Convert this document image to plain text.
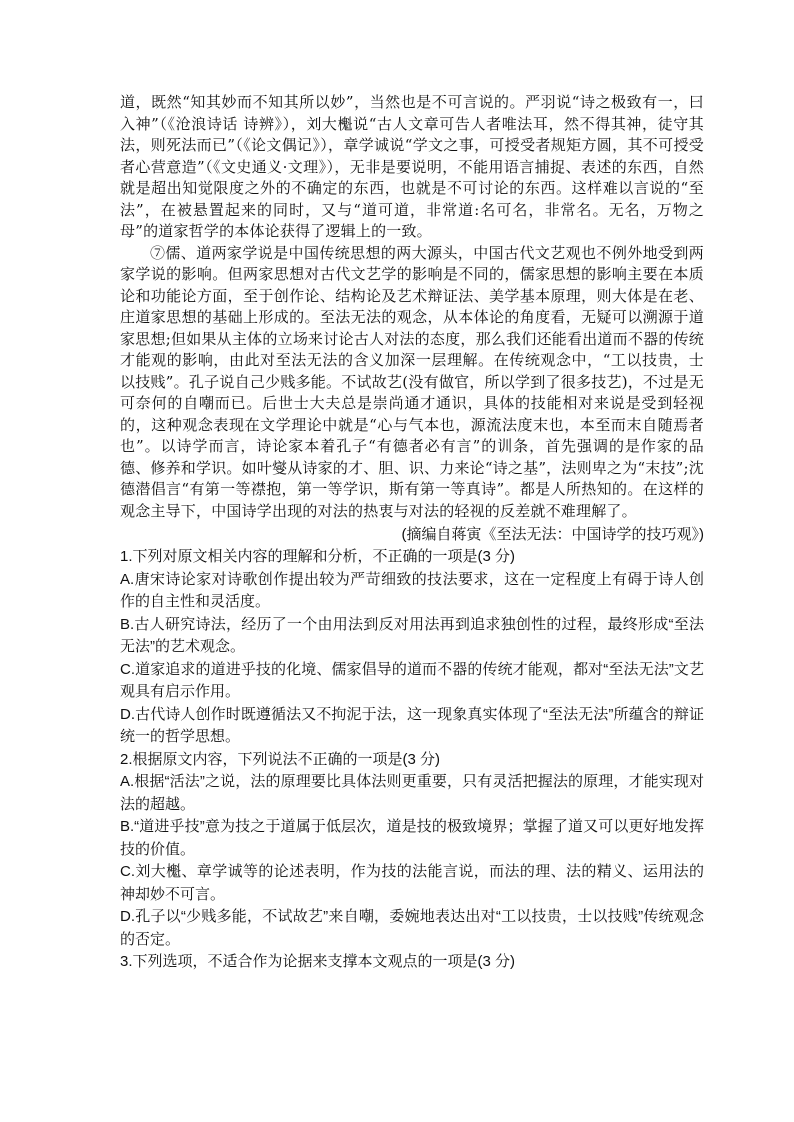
道，既然“知其妙而不知其所以妙”，当然也是不可言说的。严羽说“诗之极致有一，曰入神”（《沧浪诗话 诗辨》），刘大櫆说“古人文章可告人者唯法耳，然不得其神，徒守其法，则死法而已”（《论文偶记》），章学诚说“学文之事，可授受者规矩方圆，其不可授受者心营意造”（《文史通义·文理》），无非是要说明，不能用语言捕捉、表述的东西，自然就是超出知觉限度之外的不确定的东西，也就是不可讨论的东西。这样难以言说的“至法”，在被悬置起来的同时，又与“道可道，非常道:名可名，非常名。无名，万物之母”的道家哲学的本体论获得了逻辑上的一致。

⑦儒、道两家学说是中国传统思想的两大源头，中国古代文艺观也不例外地受到两家学说的影响。但两家思想对古代文艺学的影响是不同的，儒家思想的影响主要在本质论和功能论方面，至于创作论、结构论及艺术辩证法、美学基本原理，则大体是在老、庄道家思想的基础上形成的。至法无法的观念，从本体论的角度看，无疑可以溯源于道家思想;但如果从主体的立场来讨论古人对法的态度，那么我们还能看出道而不器的传统才能观的影响，由此对至法无法的含义加深一层理解。在传统观念中，“工以技贵，士以技贱”。孔子说自己少贱多能。不试故艺(没有做官，所以学到了很多技艺)，不过是无可奈何的自嘲而已。后世士大夫总是崇尚通才通识，具体的技能相对来说是受到轻视的，这种观念表现在文学理论中就是“心与气本也，源流法度末也，本至而末自随焉者也”。以诗学而言，诗论家本着孔子“有德者必有言”的训条，首先强调的是作家的品德、修养和学识。如叶燮从诗家的才、胆、识、力来论“诗之基”，法则卑之为“末技”;沈德潜倡言“有第一等襟抱，第一等学识，斯有第一等真诗”。都是人所热知的。在这样的观念主导下，中国诗学出现的对法的热衷与对法的轻视的反差就不难理解了。

(摘编自蒋寅《至法无法：中国诗学的技巧观》)

1.下列对原文相关内容的理解和分析，不正确的一项是(3 分)

A.唐宋诗论家对诗歌创作提出较为严苛细致的技法要求，这在一定程度上有碍于诗人创作的自主性和灵活度。

B.古人研究诗法，经历了一个由用法到反对用法再到追求独创性的过程，最终形成“至法无法”的艺术观念。

C.道家追求的道进乎技的化境、儒家倡导的道而不器的传统才能观，都对“至法无法”文艺观具有启示作用。

D.古代诗人创作时既遵循法又不拘泥于法，这一现象真实体现了“至法无法”所蕴含的辩证统一的哲学思想。

2.根据原文内容，下列说法不正确的一项是(3 分)

A.根据“活法”之说，法的原理要比具体法则更重要，只有灵活把握法的原理，才能实现对法的超越。

B.“道进乎技”意为技之于道属于低层次，道是技的极致境界；掌握了道又可以更好地发挥技的价值。

C.刘大櫆、章学诚等的论述表明，作为技的法能言说，而法的理、法的精义、运用法的神却妙不可言。

D.孔子以“少贱多能，不试故艺”来自嘲，委婉地表达出对“工以技贵，士以技贱”传统观念的否定。

3.下列选项，不适合作为论据来支撑本文观点的一项是(3 分)
